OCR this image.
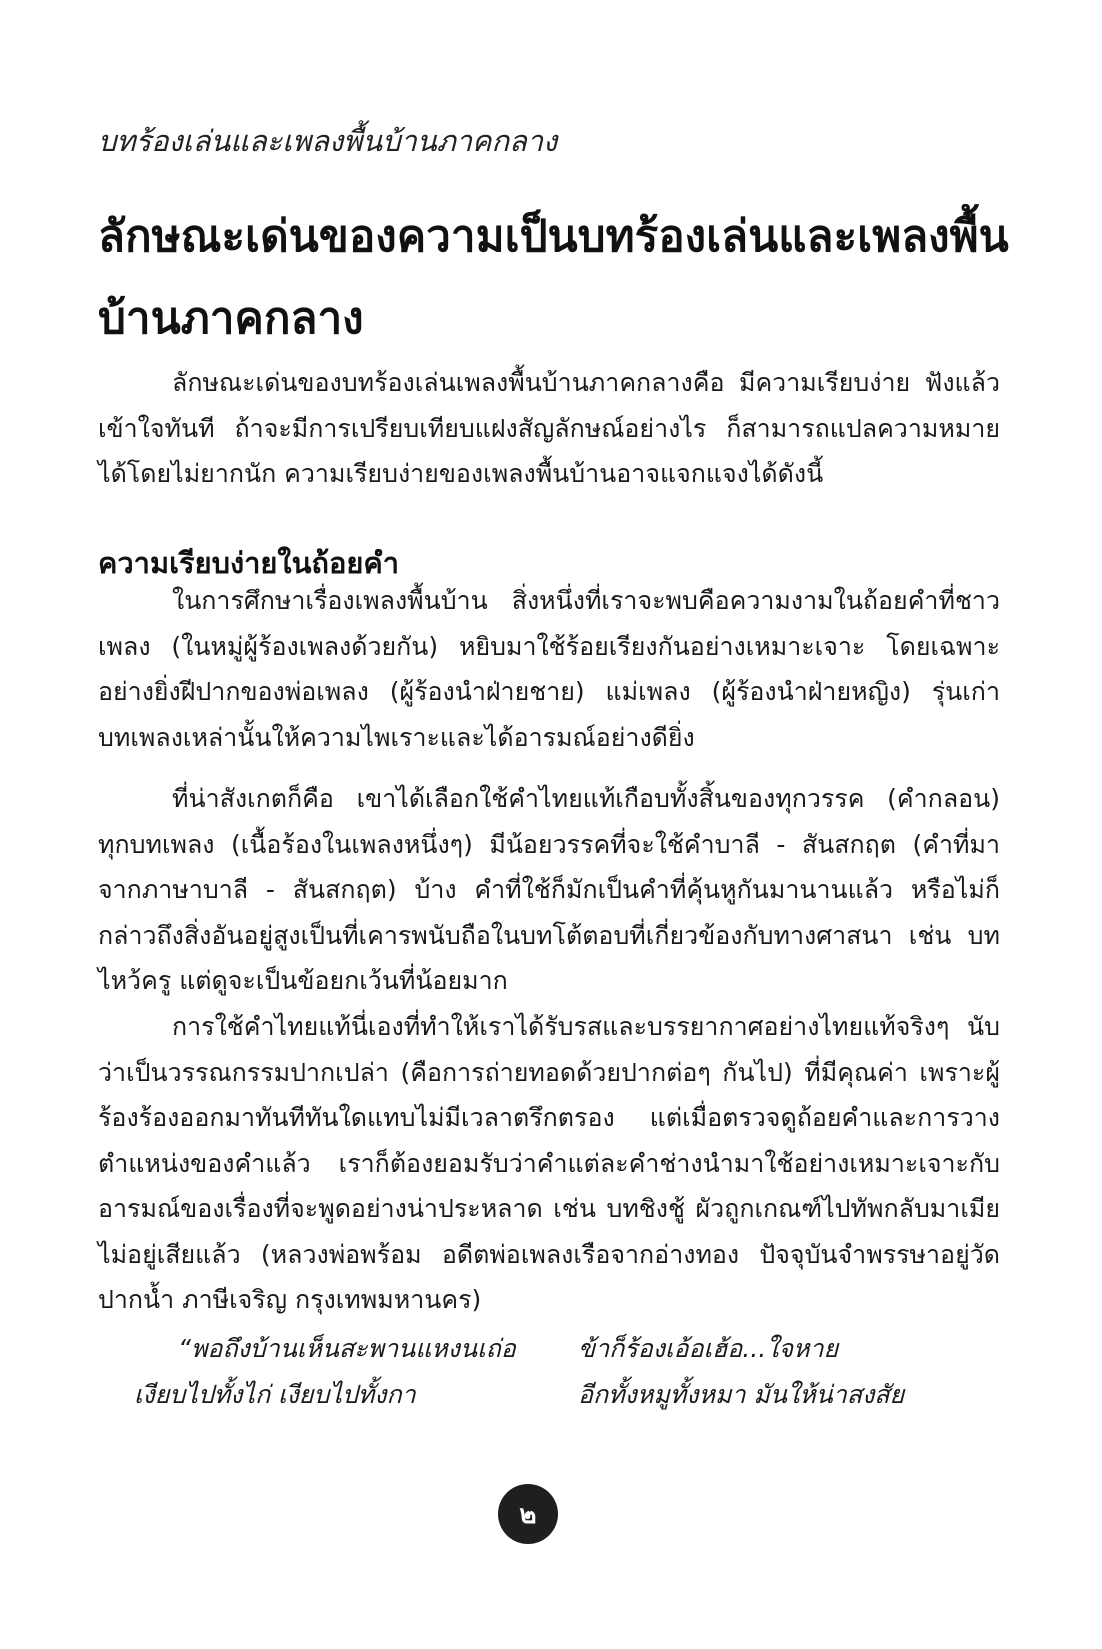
บทร้องเล่นและเพลงพื้นบ้านภาคกลาง
ลักษณะเด่นของความเป็นบทร้องเล่นและเพลงพื้นบ้านภาคกลาง

ลักษณะเด่นของบทร้องเล่นเพลงพื้นบ้านภาคกลางคือ มีความเรียบง่าย ฟังแล้วเข้าใจทันที ถ้าจะมีการเปรียบเทียบแฝงสัญลักษณ์อย่างไร ก็สามารถแปลความหมายได้โดยไม่ยากนัก ความเรียบง่ายของเพลงพื้นบ้านอาจแจกแจงได้ดังนี้

ความเรียบง่ายในถ้อยคำ

ในการศึกษาเรื่องเพลงพื้นบ้าน สิ่งหนึ่งที่เราจะพบคือความงามในถ้อยคำที่ชาวเพลง (ในหมู่ผู้ร้องเพลงด้วยกัน) หยิบมาใช้ร้อยเรียงกันอย่างเหมาะเจาะ โดยเฉพาะอย่างยิ่งฝีปากของพ่อเพลง (ผู้ร้องนำฝ่ายชาย) แม่เพลง (ผู้ร้องนำฝ่ายหญิง) รุ่นเก่าบทเพลงเหล่านั้นให้ความไพเราะและได้อารมณ์อย่างดียิ่ง

ที่น่าสังเกตก็คือ เขาได้เลือกใช้คำไทยแท้เกือบทั้งสิ้นของทุกวรรค (คำกลอน) ทุกบทเพลง (เนื้อร้องในเพลงหนึ่งๆ) มีน้อยวรรคที่จะใช้คำบาลี - สันสกฤต (คำที่มาจากภาษาบาลี - สันสกฤต) บ้าง คำที่ใช้ก็มักเป็นคำที่คุ้นหูกันมานานแล้ว หรือไม่ก็กล่าวถึงสิ่งอันอยู่สูงเป็นที่เคารพนับถือในบทโต้ตอบที่เกี่ยวข้องกับทางศาสนา เช่น บทไหว้ครู แต่ดูจะเป็นข้อยกเว้นที่น้อยมาก

การใช้คำไทยแท้นี่เองที่ทำให้เราได้รับรสและบรรยากาศอย่างไทยแท้จริงๆ นับว่าเป็นวรรณกรรมปากเปล่า (คือการถ่ายทอดด้วยปากต่อๆ กันไป) ที่มีคุณค่า เพราะผู้ร้องร้องออกมาทันทีทันใดแทบไม่มีเวลาตรึกตรอง แต่เมื่อตรวจดูถ้อยคำและการวางตำแหน่งของคำแล้ว เราก็ต้องยอมรับว่าคำแต่ละคำช่างนำมาใช้อย่างเหมาะเจาะกับอารมณ์ของเรื่องที่จะพูดอย่างน่าประหลาด เช่น บทชิงชู้ ผัวถูกเกณฑ์ไปทัพกลับมาเมียไม่อยู่เสียแล้ว (หลวงพ่อพร้อม อดีตพ่อเพลงเรือจากอ่างทอง ปัจจุบันจำพรรษาอยู่วัดปากน้ำ ภาษีเจริญ กรุงเทพมหานคร)

“พอถึงบ้านเห็นสะพานแหงนเถ่อ ข้าก็ร้องเอ้อเฮ้อ...ใจหาย
เงียบไปทั้งไก่ เงียบไปทั้งกา	อีกทั้งหมูทั้งหมา มันให้น่าสงสัย
๒
